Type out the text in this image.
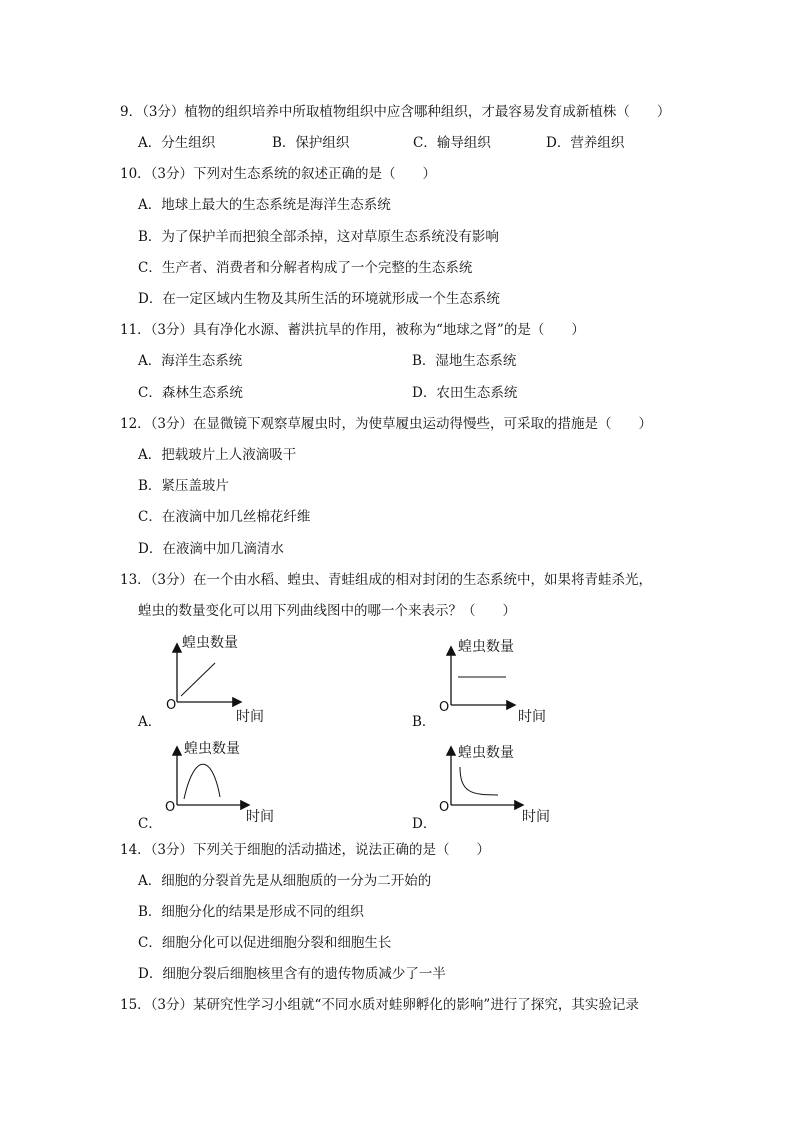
9．（3分）植物的组织培养中所取植物组织中应含哪种组织，才最容易发育成新植株（　　）
A．分生组织	B．保护组织	C．输导组织	D．营养组织
10．（3分）下列对生态系统的叙述正确的是（　　）
A．地球上最大的生态系统是海洋生态系统
B．为了保护羊而把狼全部杀掉，这对草原生态系统没有影响
C．生产者、消费者和分解者构成了一个完整的生态系统
D．在一定区域内生物及其所生活的环境就形成一个生态系统
11．（3分）具有净化水源、蓄洪抗旱的作用，被称为“地球之肾”的是（　　）
A．海洋生态系统	B．湿地生态系统
C．森林生态系统	D．农田生态系统
12．（3分）在显微镜下观察草履虫时，为使草履虫运动得慢些，可采取的措施是（　　）
A．把载玻片上人液滴吸干
B．紧压盖玻片
C．在液滴中加几丝棉花纤维
D．在液滴中加几滴清水
13．（3分）在一个由水稻、蝗虫、青蛙组成的相对封闭的生态系统中，如果将青蛙杀光，
蝗虫的数量变化可以用下列曲线图中的哪一个来表示？（　　）
A．
蝗虫数量
O
时间	B．
蝗虫数量
O
时间
C．
蝗虫数量
O
时间	D．
蝗虫数量
O
时间
14．（3分）下列关于细胞的活动描述，说法正确的是（　　）
A．细胞的分裂首先是从细胞质的一分为二开始的
B．细胞分化的结果是形成不同的组织
C．细胞分化可以促进细胞分裂和细胞生长
D．细胞分裂后细胞核里含有的遗传物质减少了一半
15．（3分）某研究性学习小组就“不同水质对蛙卵孵化的影响”进行了探究，其实验记录
